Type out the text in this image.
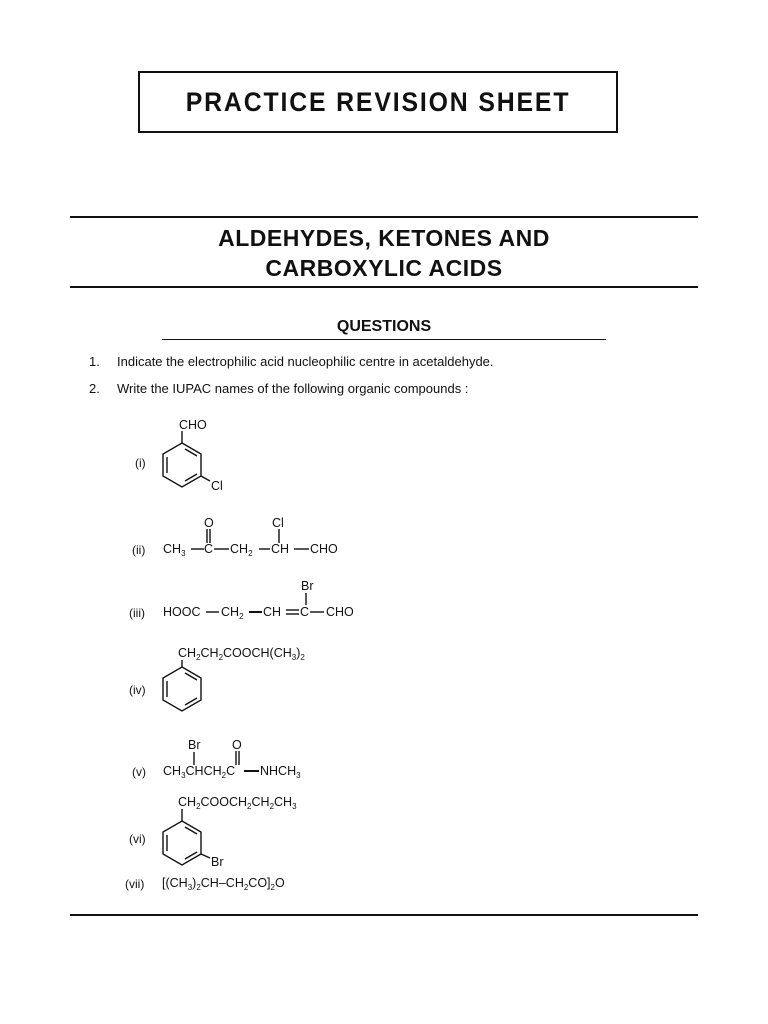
PRACTICE REVISION SHEET
ALDEHYDES, KETONES AND
CARBOXYLIC ACIDS
QUESTIONS
1. Indicate the electrophilic acid nucleophilic centre in acetaldehyde.
2. Write the IUPAC names of the following organic compounds :
(i)
(ii)
(iii)
(iv)
(v)
(vi)
(vii)
CHO
Cl
O	Cl
$CH_3$ C $CH_2$ CH CHO
Br
HOOC $CH_2$ CH C CHO
$CH_2CH_2COOCH(CH_3)_2$
Br	O
$CH_3CHCH_2C$ $NHCH_3$
$CH_2COOCH_2CH_2CH_3$
Br
$[(CH_3)_2CH-CH_2CO]_2O$
